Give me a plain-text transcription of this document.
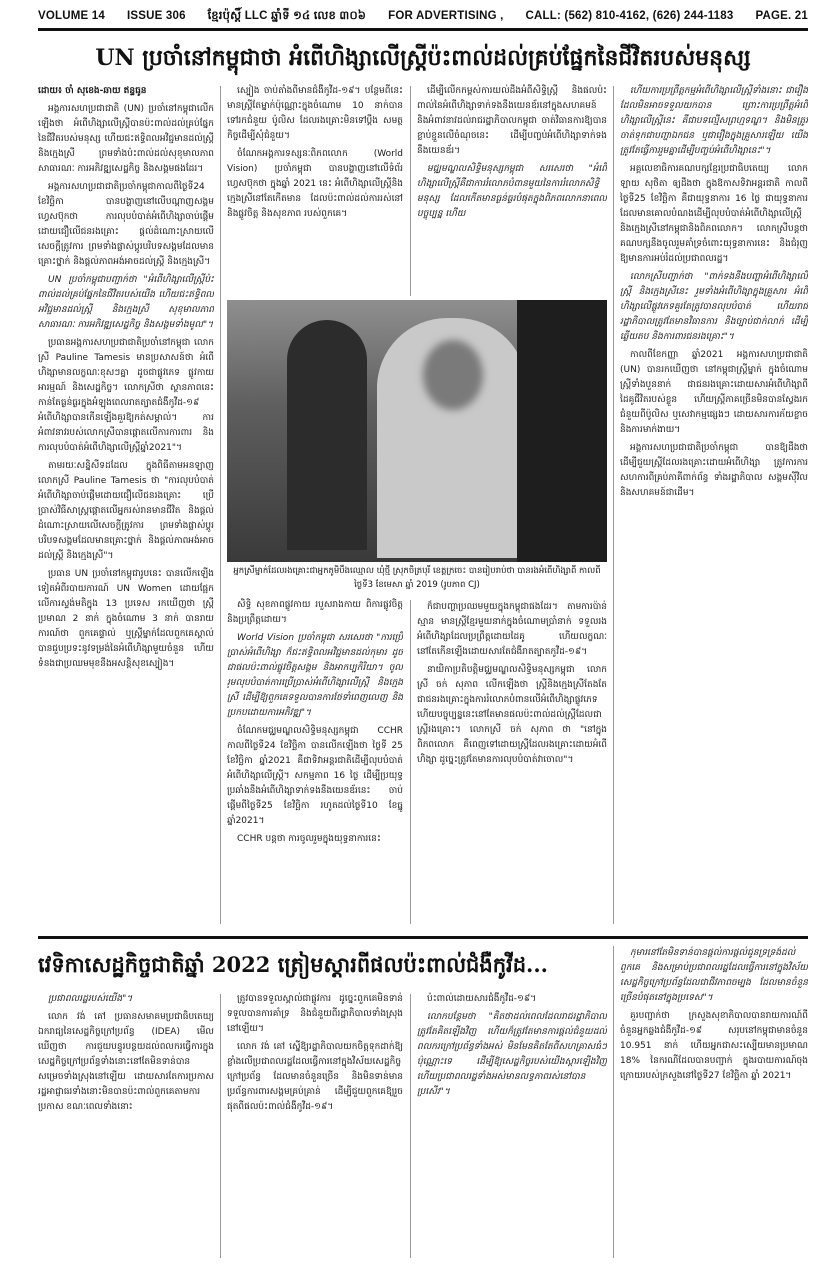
VOLUME 14 ISSUE 306 ខ្មែរប៉ុស្ដិ៍ LLC ឆ្នាំទី ១៤ លេខ ៣០៦ FOR ADVERTISING , CALL: (562) 810-4162, (626) 244-1183 PAGE. 21
UN ប្រចាំនៅកម្ពុជាថា អំពើហិង្សាលើស្ត្រីប៉ះពាល់ដល់គ្រប់ផ្នែកនៃជីវិតរបស់មនុស្ស

ដោយ៖ ចាំ សុខេង-ឆាយ ឥន្ទធូន

អង្គការសហប្រជាជាតិ (UN) ប្រចាំនៅកម្ពុជាលើកឡើងថា អំពើហិង្សាលើស្ត្រីបានប៉ះពាល់ដល់គ្រប់ផ្នែកនៃជីវិតរបស់មនុស្ស ហើយជះឥទ្ធិពលអវិជ្ជមានដល់ស្ត្រី និងក្មេងស្រី ព្រមទាំងប៉ះពាល់ដល់សុខុមាលភាពសាធារណៈ ការអភិវឌ្ឍសេដ្ឋកិច្ច និងសង្គមផងដែរ។

អង្គការសហប្រជាជាតិប្រចាំកម្ពុជាកាលពីថ្ងៃទី24 ខែវិច្ឆិកា បានបង្ហាញនៅលើបណ្ដាញសង្គមហ្វេសប៊ុកថា ការលុបបំបាត់អំពើហិង្សាចាប់ផ្ដើមដោយជឿលើជនរងគ្រោះ ផ្តល់ដំណោះស្រាយលើសេចក្ដីត្រូវការ ព្រមទាំងផ្លាស់ប្តូរបរិបទសង្គមដែលមានគ្រោះថ្នាក់ និងផ្តល់ភាពអង់អាចដល់ស្ត្រី និងក្មេងស្រី។

UN ប្រចាំកម្ពុជាបញ្ជាក់ថា "អំពើហិង្សាលើស្ត្រីប៉ះពាល់ដល់គ្រប់ផ្នែកនៃជីវិតរបស់យើង ហើយជះឥទ្ធិពលអវិជ្ជមានដល់ស្ត្រី និងក្មេងស្រី សុខុមាលភាពសាធារណៈ ការអភិវឌ្ឍសេដ្ឋកិច្ច និងសង្គមទាំងមូល"។

ប្រធានអង្គការសហប្រជាជាតិប្រចាំនៅកម្ពុជា លោកស្រី Pauline Tamesis មានប្រសាសន៍ថា អំពើហិង្សាមានលក្ខណៈខុសៗគ្នា ដូចជាផ្លូវភេទ ផ្លូវកាយ អារម្មណ៍ និងសេដ្ឋកិច្ច។ លោកស្រីថា ស្ថានភាពនេះកាន់តែធ្ងន់ធ្ងរក្នុងអំឡុងពេលរាតត្បាតជំងឺកូវីដ-១៩ អំពើហិង្សាបានកើនឡើងគួរឱ្យកត់សម្គាល់។ ការអំពាវនាវរបស់លោកស្រីបានផ្ដោតលើការការពារ និងការលុបបំបាត់អំពើហិង្សាលើស្ត្រីឆ្នាំ2021"។

តាមរយៈសន្និសីទដដែល ក្នុងពិធីតាមអនឡាញ លោកស្រី Pauline Tamesis ថា "ការលុបបំបាត់អំពើហិង្សាចាប់ផ្ដើមដោយជឿលើជនរងគ្រោះ ប្រើប្រាស់វិធីសាស្រ្តផ្ដោតលើអ្នករស់រានមានជីវិត និងផ្តល់ដំណោះស្រាយលើសេចក្ដីត្រូវការ ព្រមទាំងផ្លាស់ប្តូរបរិបទសង្គមដែលមានគ្រោះថ្នាក់ និងផ្តល់ភាពអង់អាចដល់ស្ត្រី និងក្មេងស្រី"។

ប្រធាន UN ប្រចាំនៅកម្ពុជារូបនេះ បានលើកឡើងទៀតអំពីរបាយការណ៍ UN Women ដោយផ្អែកលើការស្ទង់មតិក្នុង 13 ប្រទេស រកឃើញថា ស្ត្រីប្រមាណ 2 នាក់ ក្នុងចំណោម 3 នាក់ បានរាយការណ៍ថា ពួកគេផ្ទាល់ ឬស្ត្រីម្នាក់ដែលពួកគេស្គាល់ បានជួបប្រទះនូវទម្រង់នៃអំពើហិង្សាមួយចំនួន ហើយទំនងជាប្រឈមមុខនឹងអសន្តិសុខស្បៀង។

ស្បៀង ចាប់តាំងពីមានជំងឺកូវីដ-១៩។ បន្ថែមពីនេះ មានស្ត្រីតែម្នាក់ប៉ុណ្ណោះក្នុងចំណោម 10 នាក់បានទៅរកជំនួយ ប៉ូលិស ដែលរងគ្រោះមិនទៅប្តឹង សមត្ថកិច្ចដើម្បីសុំជំនួយ។

ចំណែកអង្គការទស្សនៈពិភពលោក (World Vision) ប្រចាំកម្ពុជា បានបង្ហាញនៅលើទំព័រហ្វេសប៊ុកថា ក្នុងឆ្នាំ 2021 នេះ អំពើហិង្សាលើស្ត្រីនិងក្មេងស្រីនៅតែកើតមាន ដែលប៉ះពាល់ដល់ការរស់នៅ និងផ្លូវចិត្ត និងសុខភាព របស់ពួកគេ។

ដើម្បីលើកកម្ពស់ការយល់ដឹងអំពីសិទ្ធិស្ត្រី និងផលប៉ះពាល់នៃអំពើហិង្សាទាក់ទងនឹងយេនឌ័រនៅក្នុងសហគមន៍ និងអំពាវនាវដល់រាជរដ្ឋាភិបាលកម្ពុជា ចាត់វិធានការឱ្យបានខ្លាប់ខ្ជួនលើចំណុចនេះ ដើម្បីបញ្ចប់អំពើហិង្សាទាក់ទងនឹងយេនឌ័រ។

មជ្ឈមណ្ឌលសិទ្ធិមនុស្សកម្ពុជា សរសេរថា "អំពើហិង្សាលើស្ត្រីគឺជាការរំលោភបំពានមួយនៃការរំលោភសិទ្ធិមនុស្ស ដែលកើតមានធ្ងន់ធ្ងរបំផុតក្នុងពិភពលោកនាពេលបច្ចុប្បន្ន ហើយ

អ្នកស្រីម្នាក់ដែលរងគ្រោះជាអ្នកភូមិបឹងឈ្មោល ឃុំថ្មី ស្រុកចិត្របុរី ខេត្តក្រចេះ បានរៀបរាប់ថា បានរងអំពើហិង្សាពី កាលពីថ្ងៃទី3 ខែមេសា ឆ្នាំ 2019 (រូបភាព CJ)

សិទ្ធិ សុខភាពផ្លូវកាយ របួសរាងកាយ ពិការផ្លូវចិត្ត និងប្រព្រឹត្តដោយ។

World Vision ប្រចាំកម្ពុជា សរសេរថា "ការប្រើប្រាស់អំពើហិង្សា ក៏ជះឥទ្ធិពលអវិជ្ជមានដល់កុមារ ដូចជាផលប៉ះពាល់ផ្លូវចិត្តសង្គម និងអាកប្បកិរិយា។ ចូលរួមលុបបំបាត់ការប្រើប្រាស់អំពើហិង្សាលើស្ត្រី និងក្មេងស្រី ដើម្បីឱ្យពួកគេទទួលបានការថែទាំពេញលេញ និងប្រកបដោយការអភិវឌ្ឍ"។

ចំណែកមជ្ឈមណ្ឌលសិទ្ធិមនុស្សកម្ពុជា CCHR កាលពីថ្ងៃទី24 ខែវិច្ឆិកា បានលើកឡើងថា ថ្ងៃទី 25 ខែវិច្ឆិកា ឆ្នាំ2021 គឺជាទិវាអន្តរជាតិដើម្បីលុបបំបាត់អំពើហិង្សាលើស្ត្រី។ សកម្មភាព 16 ថ្ងៃ ដើម្បីប្រយុទ្ធប្រឆាំងនឹងអំពើហិង្សាទាក់ទងនឹងយេនឌ័រនេះ ចាប់ផ្តើមពីថ្ងៃទី25 ខែវិច្ឆិកា រហូតដល់ថ្ងៃទី10 ខែធ្នូ ឆ្នាំ2021។

CCHR បន្តថា ការចូលរួមក្នុងយុទ្ធនាការនេះ

ក៏ជាបញ្ហាប្រឈមមួយក្នុងកម្ពុជាផងដែរ។ តាមការប៉ាន់ស្មាន មានស្ត្រីខ្មែរមួយនាក់ក្នុងចំណោមប្រាំនាក់ ទទួលរងអំពើហិង្សាដែលប្រព្រឹត្តដោយដៃគូ ហើយលក្ខណៈនៅតែកើនឡើងដោយសារតែជំងឺរាតត្បាតកូវីដ-១៩។

នាយិកាប្រតិបត្តិមជ្ឈមណ្ឌលសិទ្ធិមនុស្សកម្ពុជា លោកស្រី ចក់ សុភាព លើកឡើងថា ស្ត្រីនិងក្មេងស្រីតែងតែជាជនរងគ្រោះក្នុងការរំលោភបំពានលើអំពើហិង្សាផ្លូវភេទ ហើយបច្ចុប្បន្ននេះនៅតែមានផលប៉ះពាល់ដល់ស្ត្រីដែលជាស្ត្រីរងគ្រោះ។ លោកស្រី ចក់ សុភាព ថា "នៅក្នុងពិភពលោក គឺពេញទៅដោយស្ត្រីដែលរងគ្រោះដោយអំពើហិង្សា ដូច្នេះត្រូវតែមានការលុបបំបាត់វាចោល"។

ហើយការប្រព្រឹត្តកម្មអំពើហិង្សាលើស្ត្រីទាំងនោះ ជារឿងដែលមិនអាចទទួលយកបាន ព្រោះការប្រព្រឹត្តអំពើហិង្សាលើស្ត្រីនេះ គឺជាបទល្មើសព្រហ្មទណ្ឌ។ និងមិនត្រូវចាត់ទុកជាបញ្ហាឯកជន ឬជារឿងក្នុងគ្រួសារឡើយ យើងត្រូវតែធ្វើការរួមគ្នាដើម្បីបញ្ចប់អំពើហិង្សានេះ"។

អគ្គលេខាធិការគណបក្សខ្មែរប្រជាធិបតេយ្យ លោក ឡាយ សុថិតា ឲ្យដឹងថា ក្នុងឱកាសទិវាអន្តរជាតិ កាលពីថ្ងៃទី25 ខែវិច្ឆិកា គឺជាយុទ្ធនាការ 16 ថ្ងៃ ជាយុទ្ធនាការដែលមានគោលបំណងដើម្បីលុបបំបាត់អំពើហិង្សាលើស្ត្រី និងក្មេងស្រីនៅកម្ពុជានិងពិភពលោក។ លោកស្រីបន្តថា គណបក្សនឹងចូលរួមគាំទ្រចំពោះយុទ្ធនាការនេះ និងជំរុញឱ្យមានការអប់រំដល់ប្រជាពលរដ្ឋ។

លោកស្រីបញ្ជាក់ថា "ពាក់ទងនឹងបញ្ហាអំពើហិង្សាលើស្ត្រី និងក្មេងស្រីនេះ រួមទាំងអំពើហិង្សាក្នុងគ្រួសារ អំពើហិង្សាលើផ្លូវភេទគួរតែត្រូវបានលុបបំបាត់ ហើយរាជរដ្ឋាភិបាលត្រូវតែមានវិធានការ និងច្បាប់ជាក់លាក់ ដើម្បីឆ្លើយតប និងការពារជនរងគ្រោះ"។

កាលពីខែកញ្ញា ឆ្នាំ2021 អង្គការសហប្រជាជាតិ (UN) បានរកឃើញថា នៅកម្ពុជាស្ត្រីម្នាក់ ក្នុងចំណោមស្ត្រីទាំងបួននាក់ ជាជនរងគ្រោះដោយសារអំពើហិង្សាពីដៃគូជីវិតរបស់ខ្លួន ហើយស្ត្រីភាគច្រើនមិនបានស្វែងរកជំនួយពីប៉ូលិស ឬសេវាកម្មផ្សេងៗ ដោយសារការភ័យខ្លាច និងការមាក់ងាយ។

អង្គការសហប្រជាជាតិប្រចាំកម្ពុជា បានឱ្យដឹងថា ដើម្បីជួយស្ត្រីដែលរងគ្រោះដោយអំពើហិង្សា ត្រូវការការសហការពីគ្រប់ភាគីពាក់ព័ន្ធ ទាំងរដ្ឋាភិបាល សង្គមស៊ីវិល និងសហគមន៍ជាដើម។

វេទិកាសេដ្ឋកិច្ចជាតិឆ្នាំ 2022 ត្រៀមស្ដារពីផលប៉ះពាល់ជំងឺកូវីដ...

ប្រជាពលរដ្ឋរបស់យើង"។

លោក វង់ គៅ ប្រធានសមាគមប្រជាធិបតេយ្យឯករាជ្យនៃសេដ្ឋកិច្ចក្រៅប្រព័ន្ធ (IDEA) មើលឃើញថា ការជួយបន្ធូរបន្ថយដល់ពលករធ្វើការក្នុងសេដ្ឋកិច្ចក្រៅប្រព័ន្ធទាំងនោះនៅតែមិនទាន់បានសម្រេចទាំងស្រុងនៅឡើយ ដោយសារតែការប្រកាសរដ្ឋអាជ្ញាធរទាំងនោះមិនបានប៉ះពាល់ពួកគេតាមការប្រកាស ខណៈពេលទាំងនោះ

ត្រូវបានទទួលស្គាល់ជាផ្លូវការ ដូច្នេះពួកគេមិនទាន់ទទួលបានការគាំទ្រ និងជំនួយពីរដ្ឋាភិបាលទាំងស្រុងនៅឡើយ។

លោក វង់ គៅ ស្នើឱ្យរដ្ឋាភិបាលយកចិត្តទុកដាក់ឱ្យខ្លាំងលើប្រជាពលរដ្ឋដែលធ្វើការនៅក្នុងវិស័យសេដ្ឋកិច្ចក្រៅប្រព័ន្ធ ដែលមានចំនួនច្រើន និងមិនទាន់មានប្រព័ន្ធការពារសង្គមគ្រប់គ្រាន់ ដើម្បីជួយពួកគេឱ្យរួចផុតពីផលប៉ះពាល់ជំងឺកូវីដ-១៩។

ប៉ះពាល់ដោយសារជំងឺកូវីដ-១៩។

លោកបន្ថែមថា "គិតថាដល់ពេលដែលរាជរដ្ឋាភិបាលត្រូវតែគិតឡើងវិញ ហើយក៏ត្រូវតែមានការផ្ដល់ជំនួយដល់ពលករក្រៅប្រព័ន្ធទាំងអស់ មិនមែនគិតតែពីសហគ្រាសធំៗ ប៉ុណ្ណោះទេ ដើម្បីឱ្យសេដ្ឋកិច្ចរបស់យើងស្តារឡើងវិញ ហើយប្រជាពលរដ្ឋទាំងអស់មានលទ្ធភាពរស់នៅបានប្រសើរ"។

កុមារនៅតែមិនទាន់បានផ្ដល់ការផ្ដល់ជូនទ្រទ្រង់ដល់ពួកគេ និងសម្រាប់ប្រជាពលរដ្ឋដែលធ្វើការនៅក្នុងវិស័យសេដ្ឋកិច្ចក្រៅប្រព័ន្ធដែលជាជីវភាពចម្បង ដែលមានចំនួនច្រើនបំផុតនៅក្នុងប្រទេស"។

គួរបញ្ជាក់ថា ក្រសួងសុខាភិបាលបានរាយការណ៍ពីចំនួនអ្នកឆ្លងជំងឺកូវីដ-១៩ សរុបនៅកម្ពុជាមានចំនួន 10.951 នាក់ ហើយអ្នកជាសះស្បើយមានប្រមាណ 18% នៃករណីដែលបានបញ្ជាក់ ក្នុងរបាយការណ៍ចុងក្រោយរបស់ក្រសួងនៅថ្ងៃទី27 ខែវិច្ឆិកា ឆ្នាំ 2021។
